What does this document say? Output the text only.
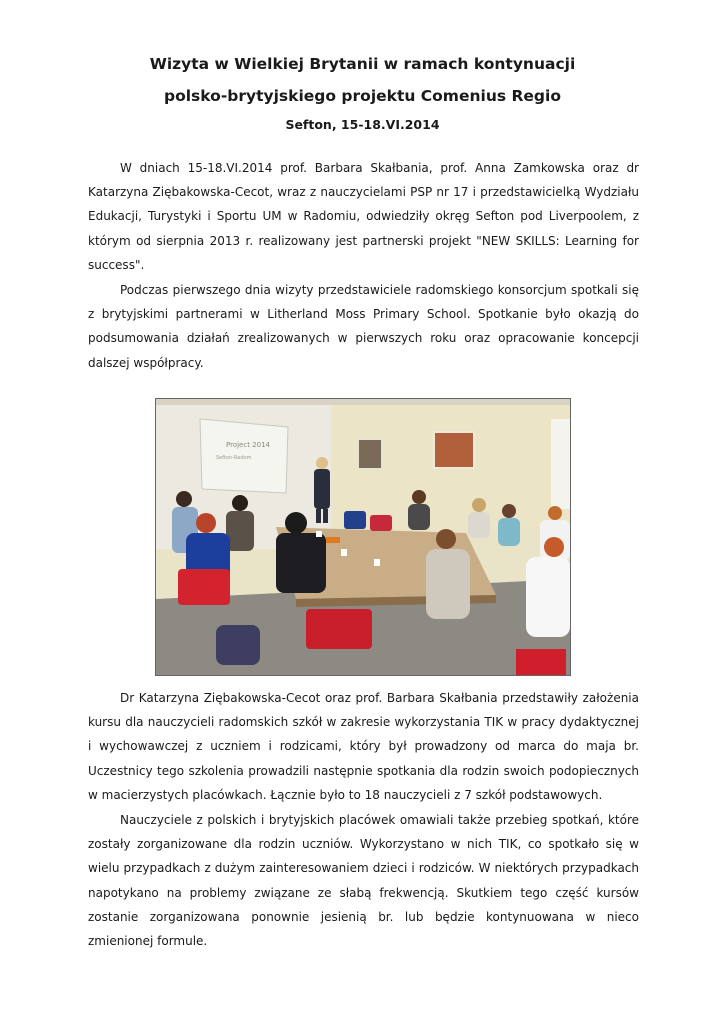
Wizyta w Wielkiej Brytanii w ramach kontynuacji
polsko-brytyjskiego projektu Comenius Regio

Sefton, 15-18.VI.2014

W dniach 15-18.VI.2014 prof. Barbara Skałbania, prof. Anna Zamkowska oraz dr Katarzyna Ziębakowska-Cecot, wraz z nauczycielami PSP nr 17 i przedstawicielką Wydziału Edukacji, Turystyki i Sportu UM w Radomiu, odwiedziły okręg Sefton pod Liverpoolem, z którym od sierpnia 2013 r. realizowany jest partnerski projekt "NEW SKILLS: Learning for success".

Podczas pierwszego dnia wizyty przedstawiciele radomskiego konsorcjum spotkali się z brytyjskimi partnerami w Litherland Moss Primary School. Spotkanie było okazją do podsumowania działań zrealizowanych w pierwszych roku oraz opracowanie koncepcji dalszej współpracy.

Project 2014
Sefton-Radom

Dr Katarzyna Ziębakowska-Cecot oraz prof. Barbara Skałbania przedstawiły założenia kursu dla nauczycieli radomskich szkół w zakresie wykorzystania TIK w pracy dydaktycznej i wychowawczej z uczniem i rodzicami, który był prowadzony od marca do maja br. Uczestnicy tego szkolenia prowadzili następnie spotkania dla rodzin swoich podopiecznych w macierzystych placówkach. Łącznie było to 18 nauczycieli z 7 szkół podstawowych.

Nauczyciele z polskich i brytyjskich placówek omawiali także przebieg spotkań, które zostały zorganizowane dla rodzin uczniów. Wykorzystano w nich TIK, co spotkało się w wielu przypadkach z dużym zainteresowaniem dzieci i rodziców. W niektórych przypadkach napotykano na problemy związane ze słabą frekwencją. Skutkiem tego część kursów zostanie zorganizowana ponownie jesienią br. lub będzie kontynuowana w nieco zmienionej formule.
